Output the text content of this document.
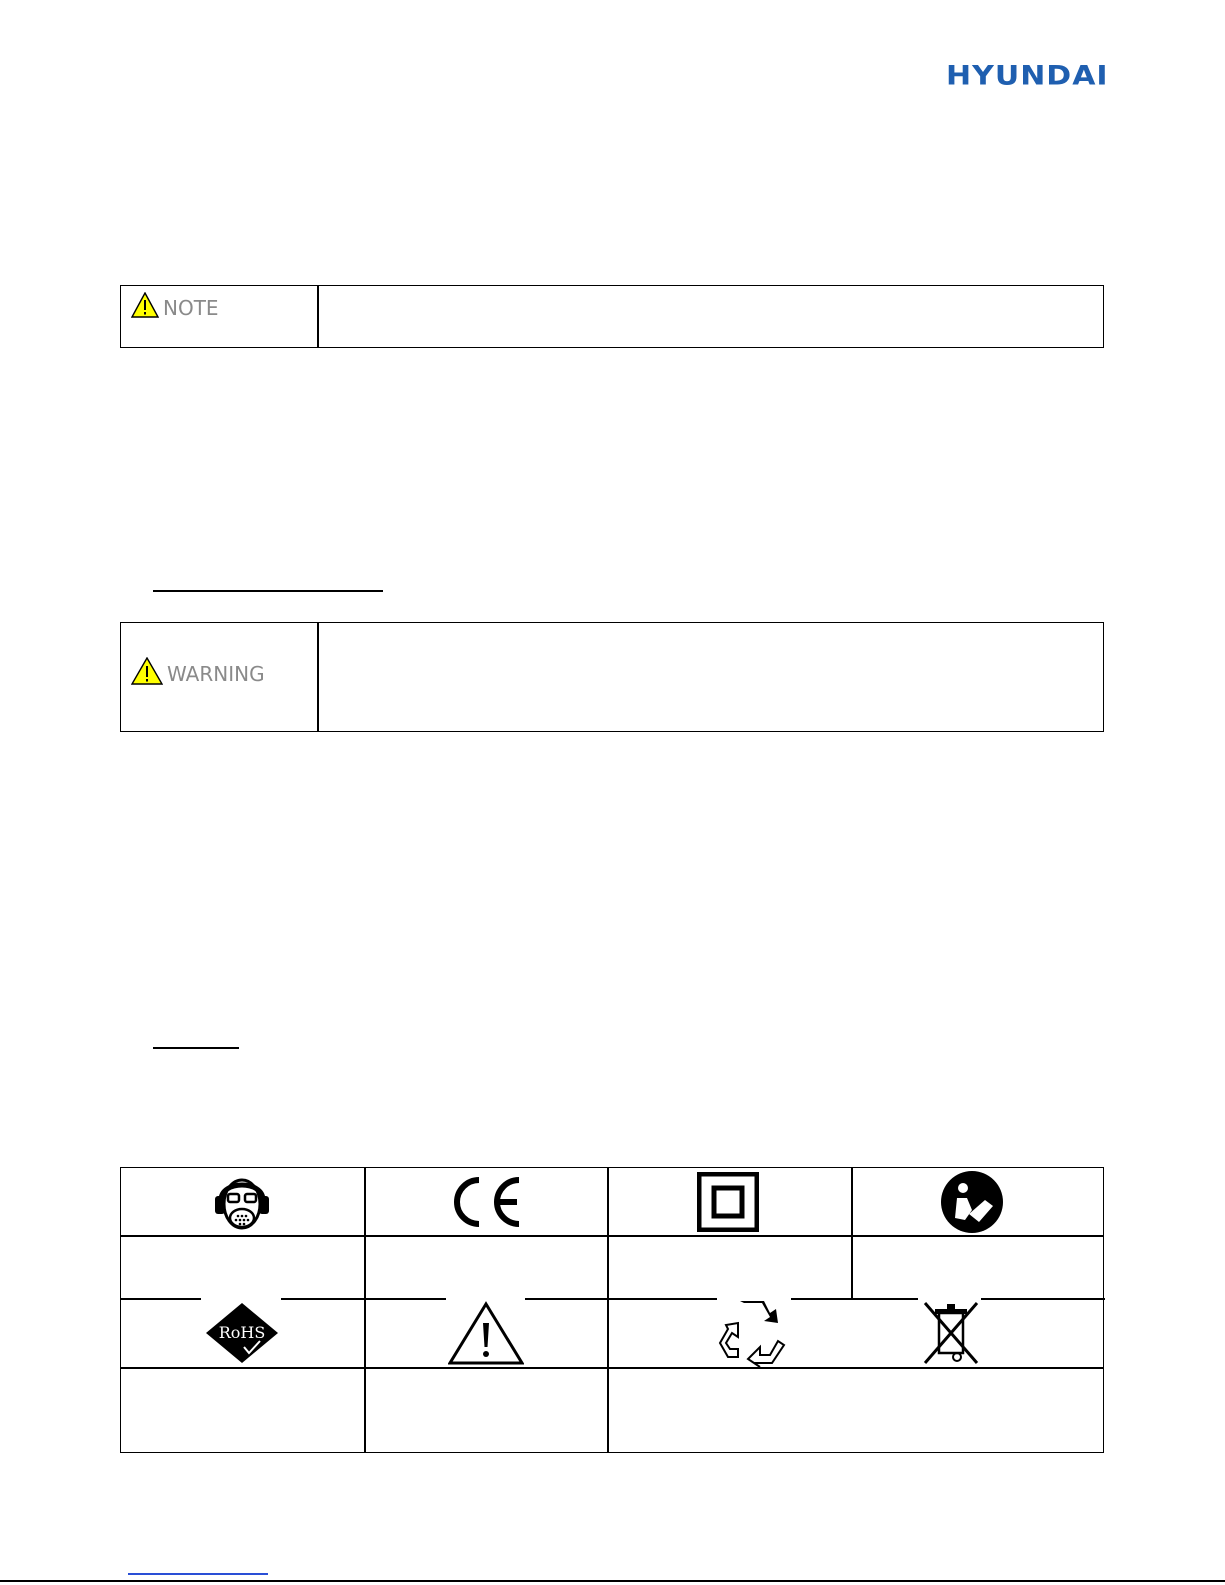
HYUNDAI
NOTE
WARNING
RoHS
